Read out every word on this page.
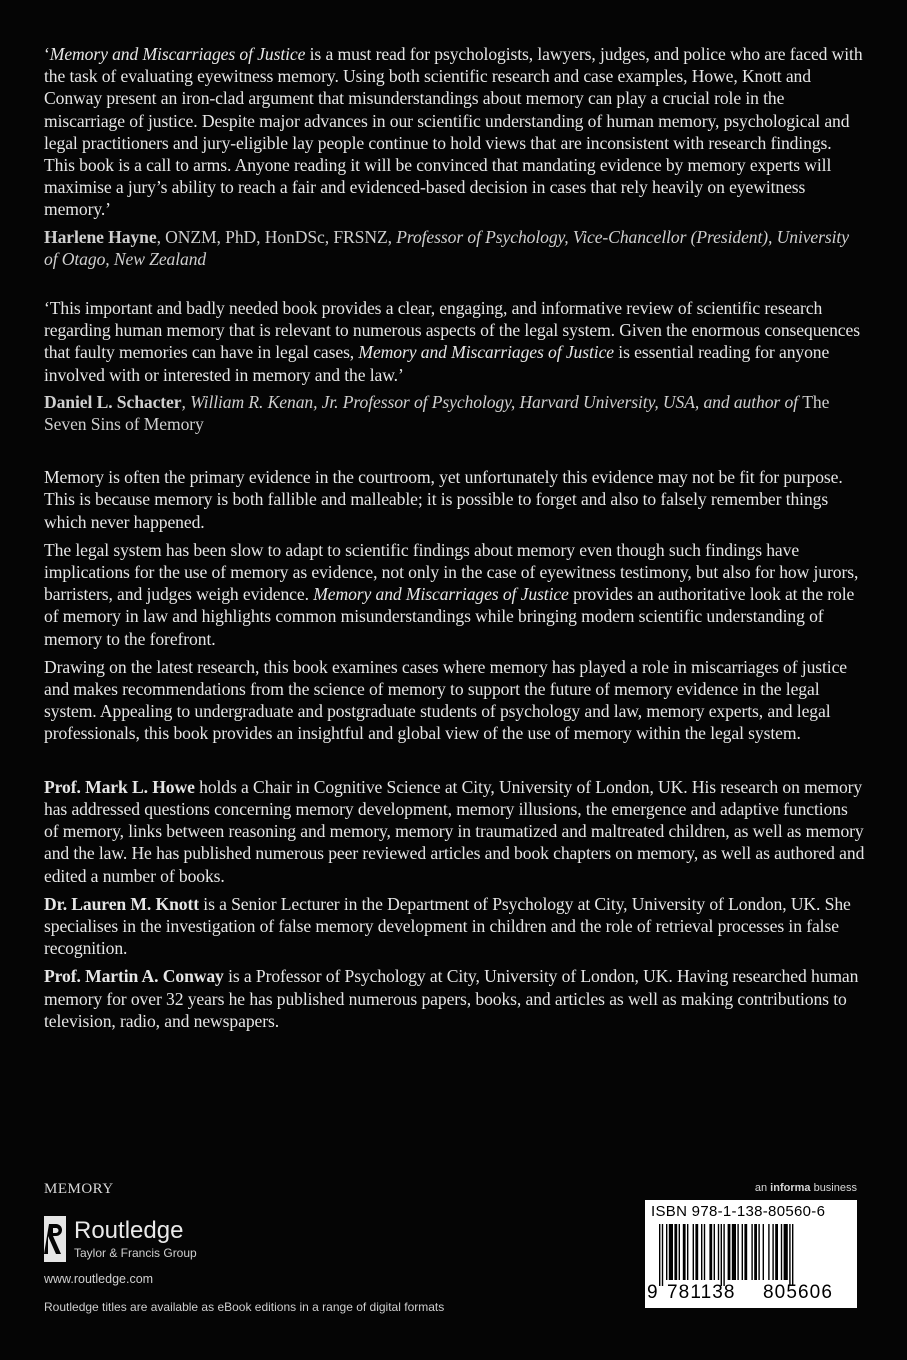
‘Memory and Miscarriages of Justice is a must read for psychologists, lawyers, judges, and police who are faced with the task of evaluating eyewitness memory. Using both scientific research and case examples, Howe, Knott and Conway present an iron-clad argument that misunderstandings about memory can play a crucial role in the miscarriage of justice. Despite major advances in our scientific understanding of human memory, psychological and legal practitioners and jury-eligible lay people continue to hold views that are inconsistent with research findings. This book is a call to arms. Anyone reading it will be convinced that mandating evidence by memory experts will maximise a jury’s ability to reach a fair and evidenced-based decision in cases that rely heavily on eyewitness memory.’

Harlene Hayne, ONZM, PhD, HonDSc, FRSNZ, Professor of Psychology, Vice-Chancellor (President), University of Otago, New Zealand

‘This important and badly needed book provides a clear, engaging, and informative review of scientific research regarding human memory that is relevant to numerous aspects of the legal system. Given the enormous consequences that faulty memories can have in legal cases, Memory and Miscarriages of Justice is essential reading for anyone involved with or interested in memory and the law.’

Daniel L. Schacter, William R. Kenan, Jr. Professor of Psychology, Harvard University, USA, and author of The Seven Sins of Memory

Memory is often the primary evidence in the courtroom, yet unfortunately this evidence may not be fit for purpose. This is because memory is both fallible and malleable; it is possible to forget and also to falsely remember things which never happened.

The legal system has been slow to adapt to scientific findings about memory even though such findings have implications for the use of memory as evidence, not only in the case of eyewitness testimony, but also for how jurors, barristers, and judges weigh evidence. Memory and Miscarriages of Justice provides an authoritative look at the role of memory in law and highlights common misunderstandings while bringing modern scientific understanding of memory to the forefront.

Drawing on the latest research, this book examines cases where memory has played a role in miscarriages of justice and makes recommendations from the science of memory to support the future of memory evidence in the legal system. Appealing to undergraduate and postgraduate students of psychology and law, memory experts, and legal professionals, this book provides an insightful and global view of the use of memory within the legal system.

Prof. Mark L. Howe holds a Chair in Cognitive Science at City, University of London, UK. His research on memory has addressed questions concerning memory development, memory illusions, the emergence and adaptive functions of memory, links between reasoning and memory, memory in traumatized and maltreated children, as well as memory and the law. He has published numerous peer reviewed articles and book chapters on memory, as well as authored and edited a number of books.

Dr. Lauren M. Knott is a Senior Lecturer in the Department of Psychology at City, University of London, UK. She specialises in the investigation of false memory development in children and the role of retrieval processes in false recognition.

Prof. Martin A. Conway is a Professor of Psychology at City, University of London, UK. Having researched human memory for over 32 years he has published numerous papers, books, and articles as well as making contributions to television, radio, and newspapers.

MEMORY
Routledge
Taylor & Francis Group
www.routledge.com
Routledge titles are available as eBook editions in a range of digital formats
an informa business
ISBN 978-1-138-80560-6
9 781138 805606
